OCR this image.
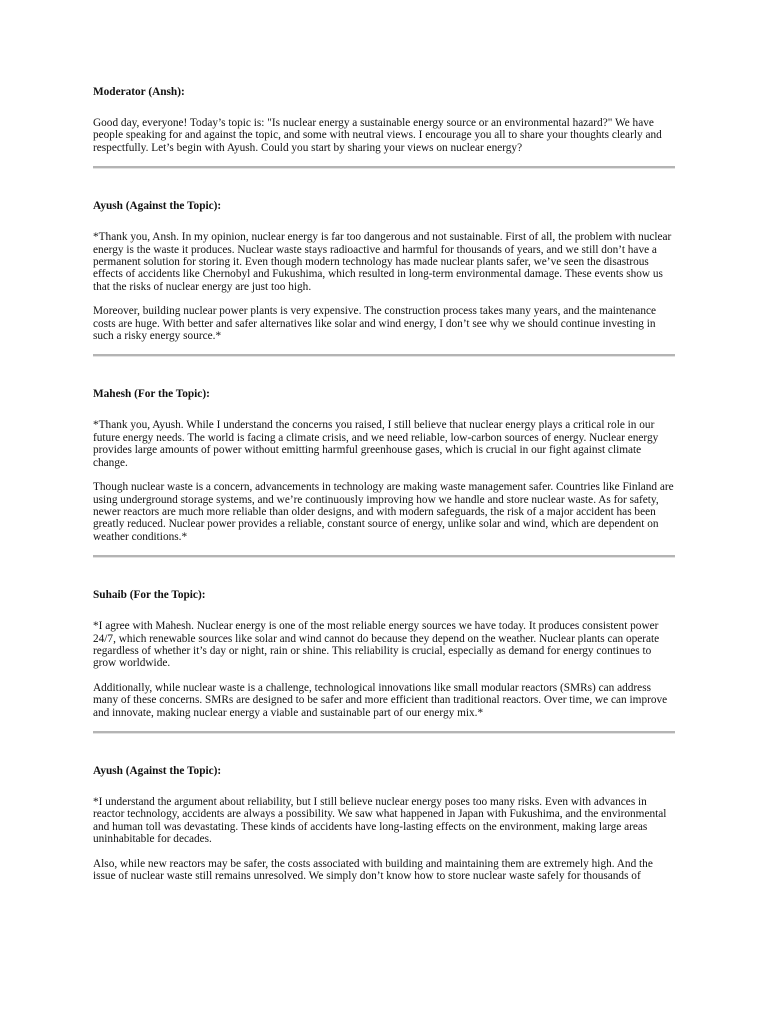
Moderator (Ansh):

Good day, everyone! Today’s topic is: "Is nuclear energy a sustainable energy source or an environmental hazard?" We have people speaking for and against the topic, and some with neutral views. I encourage you all to share your thoughts clearly and respectfully. Let’s begin with Ayush. Could you start by sharing your views on nuclear energy?

Ayush (Against the Topic):

*Thank you, Ansh. In my opinion, nuclear energy is far too dangerous and not sustainable. First of all, the problem with nuclear energy is the waste it produces. Nuclear waste stays radioactive and harmful for thousands of years, and we still don’t have a permanent solution for storing it. Even though modern technology has made nuclear plants safer, we’ve seen the disastrous effects of accidents like Chernobyl and Fukushima, which resulted in long-term environmental damage. These events show us that the risks of nuclear energy are just too high.

Moreover, building nuclear power plants is very expensive. The construction process takes many years, and the maintenance costs are huge. With better and safer alternatives like solar and wind energy, I don’t see why we should continue investing in such a risky energy source.*

Mahesh (For the Topic):

*Thank you, Ayush. While I understand the concerns you raised, I still believe that nuclear energy plays a critical role in our future energy needs. The world is facing a climate crisis, and we need reliable, low-carbon sources of energy. Nuclear energy provides large amounts of power without emitting harmful greenhouse gases, which is crucial in our fight against climate change.

Though nuclear waste is a concern, advancements in technology are making waste management safer. Countries like Finland are using underground storage systems, and we’re continuously improving how we handle and store nuclear waste. As for safety, newer reactors are much more reliable than older designs, and with modern safeguards, the risk of a major accident has been greatly reduced. Nuclear power provides a reliable, constant source of energy, unlike solar and wind, which are dependent on weather conditions.*

Suhaib (For the Topic):

*I agree with Mahesh. Nuclear energy is one of the most reliable energy sources we have today. It produces consistent power 24/7, which renewable sources like solar and wind cannot do because they depend on the weather. Nuclear plants can operate regardless of whether it’s day or night, rain or shine. This reliability is crucial, especially as demand for energy continues to grow worldwide.

Additionally, while nuclear waste is a challenge, technological innovations like small modular reactors (SMRs) can address many of these concerns. SMRs are designed to be safer and more efficient than traditional reactors. Over time, we can improve and innovate, making nuclear energy a viable and sustainable part of our energy mix.*

Ayush (Against the Topic):

*I understand the argument about reliability, but I still believe nuclear energy poses too many risks. Even with advances in reactor technology, accidents are always a possibility. We saw what happened in Japan with Fukushima, and the environmental and human toll was devastating. These kinds of accidents have long-lasting effects on the environment, making large areas uninhabitable for decades.

Also, while new reactors may be safer, the costs associated with building and maintaining them are extremely high. And the issue of nuclear waste still remains unresolved. We simply don’t know how to store nuclear waste safely for thousands of
